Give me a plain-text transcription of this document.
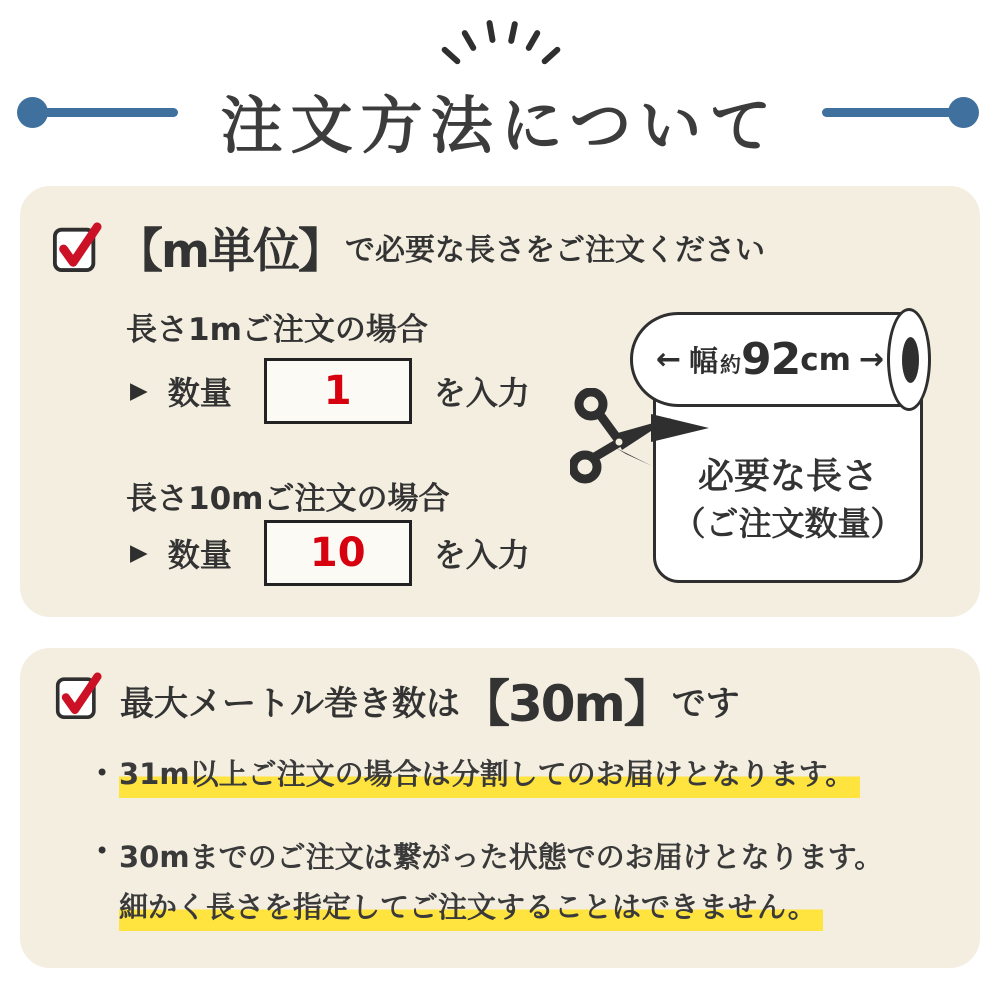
注文方法について
【m単位】 で必要な長さをご注文ください
長さ1mご注文の場合
▶ 数量 1	を入力
長さ10mご注文の場合
▶ 数量 10 を入力
← 幅 約 92 cm →
必要な長さ
（ご注文数量）
最大メートル巻き数は 【30m】 です
• 31m以上ご注文の場合は分割してのお届けとなります。
• 30mまでのご注文は繋がった状態でのお届けとなります。
細かく長さを指定してご注文することはできません。
